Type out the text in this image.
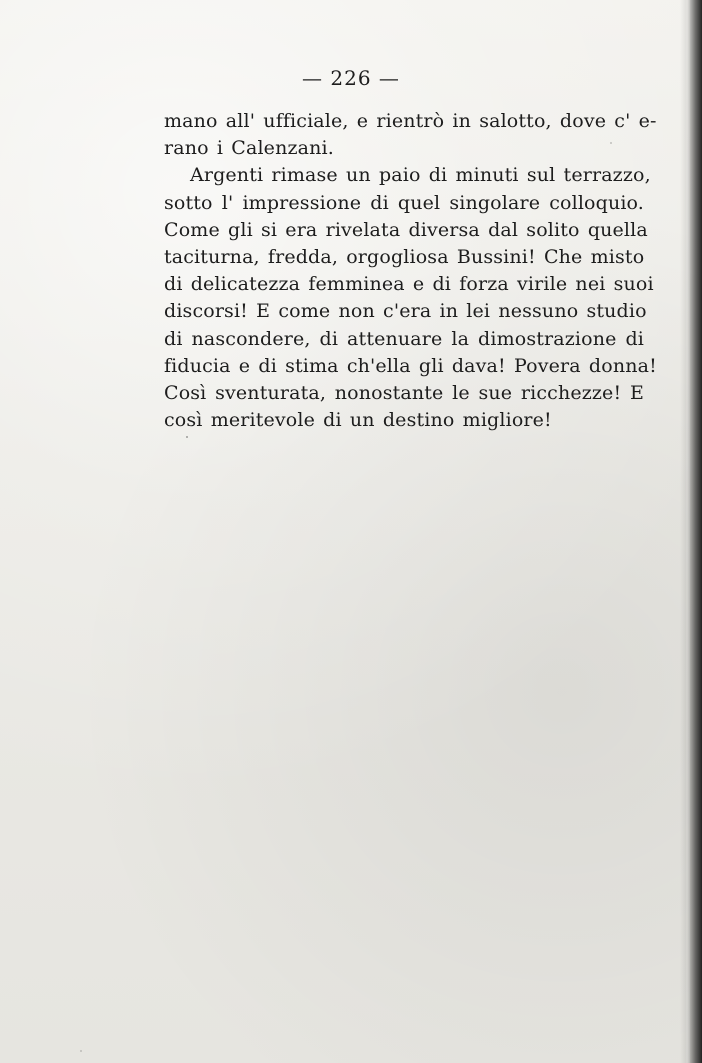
— 226 —
mano all' ufficiale, e rientrò in salotto, dove c' e-
rano i Calenzani.
Argenti rimase un paio di minuti sul terrazzo,
sotto l' impressione di quel singolare colloquio.
Come gli si era rivelata diversa dal solito quella
taciturna, fredda, orgogliosa Bussini! Che misto
di delicatezza femminea e di forza virile nei suoi
discorsi! E come non c'era in lei nessuno studio
di nascondere, di attenuare la dimostrazione di
fiducia e di stima ch'ella gli dava! Povera donna!
Così sventurata, nonostante le sue ricchezze! E
così meritevole di un destino migliore!
